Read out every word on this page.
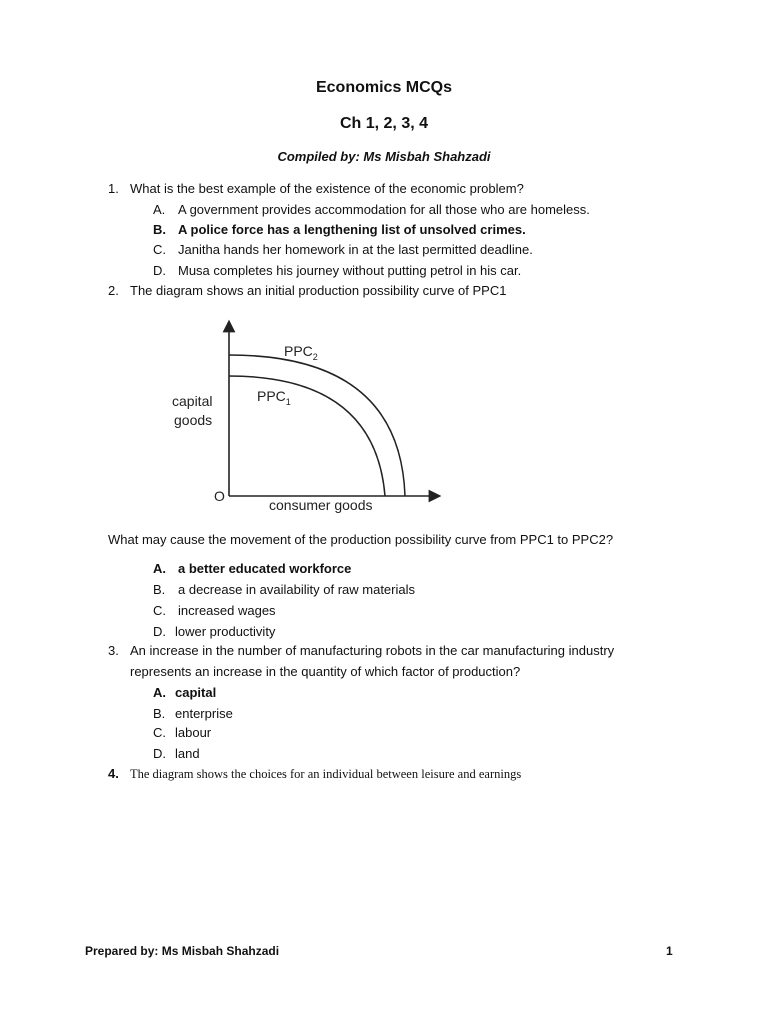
Economics MCQs
Ch 1, 2, 3, 4
Compiled by: Ms Misbah Shahzadi
1. What is the best example of the existence of the economic problem?
A. A government provides accommodation for all those who are homeless.
B. A police force has a lengthening list of unsolved crimes.
C. Janitha hands her homework in at the last permitted deadline.
D. Musa completes his journey without putting petrol in his car.
2. The diagram shows an initial production possibility curve of PPC1
$PPC_2$
$PPC_1$
capital
goods
O
consumer goods
What may cause the movement of the production possibility curve from PPC1 to PPC2?
A. a better educated workforce
B. a decrease in availability of raw materials
C. increased wages
D. lower productivity
3. An increase in the number of manufacturing robots in the car manufacturing industry
represents an increase in the quantity of which factor of production?
A. capital
B. enterprise
C. labour
D. land
4. The diagram shows the choices for an individual between leisure and earnings
Prepared by: Ms Misbah Shahzadi	1
